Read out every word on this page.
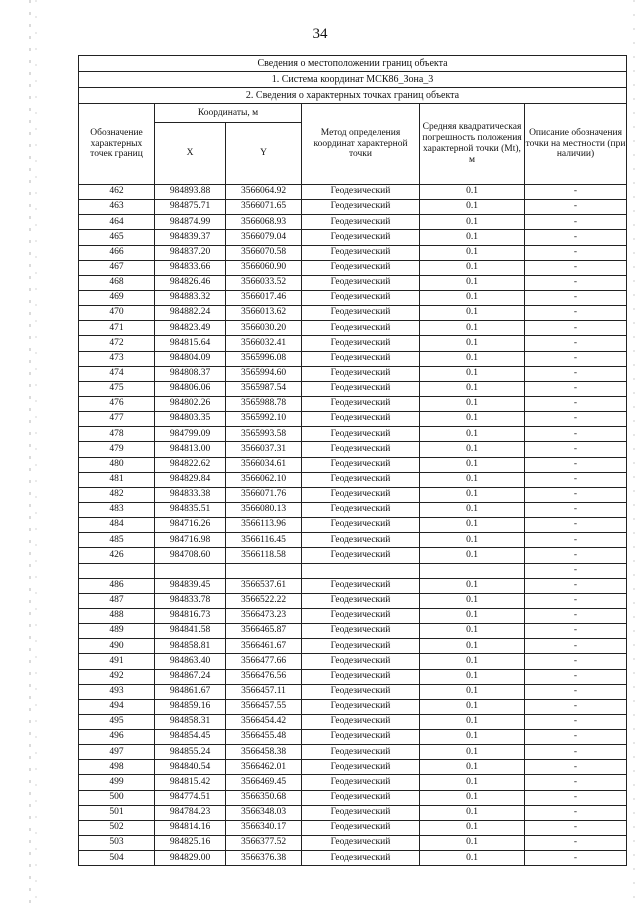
34
Сведения о местоположении границ объекта					
1. Система координат МСК86_Зона_3					
2. Сведения о характерных точках границ объекта					
Обозначение характерных точек границ	Координаты, м		Метод определения координат характерной точки	Средняя квадратическая погрешность положения характерной точки (Mt), м	Описание обозначения точки на местности (при наличии)
	X	Y			
462	984893.88	3566064.92	Геодезический	0.1	-
463	984875.71	3566071.65	Геодезический	0.1	-
464	984874.99	3566068.93	Геодезический	0.1	-
465	984839.37	3566079.04	Геодезический	0.1	-
466	984837.20	3566070.58	Геодезический	0.1	-
467	984833.66	3566060.90	Геодезический	0.1	-
468	984826.46	3566033.52	Геодезический	0.1	-
469	984883.32	3566017.46	Геодезический	0.1	-
470	984882.24	3566013.62	Геодезический	0.1	-
471	984823.49	3566030.20	Геодезический	0.1	-
472	984815.64	3566032.41	Геодезический	0.1	-
473	984804.09	3565996.08	Геодезический	0.1	-
474	984808.37	3565994.60	Геодезический	0.1	-
475	984806.06	3565987.54	Геодезический	0.1	-
476	984802.26	3565988.78	Геодезический	0.1	-
477	984803.35	3565992.10	Геодезический	0.1	-
478	984799.09	3565993.58	Геодезический	0.1	-
479	984813.00	3566037.31	Геодезический	0.1	-
480	984822.62	3566034.61	Геодезический	0.1	-
481	984829.84	3566062.10	Геодезический	0.1	-
482	984833.38	3566071.76	Геодезический	0.1	-
483	984835.51	3566080.13	Геодезический	0.1	-
484	984716.26	3566113.96	Геодезический	0.1	-
485	984716.98	3566116.45	Геодезический	0.1	-
426	984708.60	3566118.58	Геодезический	0.1	-
					-
486	984839.45	3566537.61	Геодезический	0.1	-
487	984833.78	3566522.22	Геодезический	0.1	-
488	984816.73	3566473.23	Геодезический	0.1	-
489	984841.58	3566465.87	Геодезический	0.1	-
490	984858.81	3566461.67	Геодезический	0.1	-
491	984863.40	3566477.66	Геодезический	0.1	-
492	984867.24	3566476.56	Геодезический	0.1	-
493	984861.67	3566457.11	Геодезический	0.1	-
494	984859.16	3566457.55	Геодезический	0.1	-
495	984858.31	3566454.42	Геодезический	0.1	-
496	984854.45	3566455.48	Геодезический	0.1	-
497	984855.24	3566458.38	Геодезический	0.1	-
498	984840.54	3566462.01	Геодезический	0.1	-
499	984815.42	3566469.45	Геодезический	0.1	-
500	984774.51	3566350.68	Геодезический	0.1	-
501	984784.23	3566348.03	Геодезический	0.1	-
502	984814.16	3566340.17	Геодезический	0.1	-
503	984825.16	3566377.52	Геодезический	0.1	-
504	984829.00	3566376.38	Геодезический	0.1	-
